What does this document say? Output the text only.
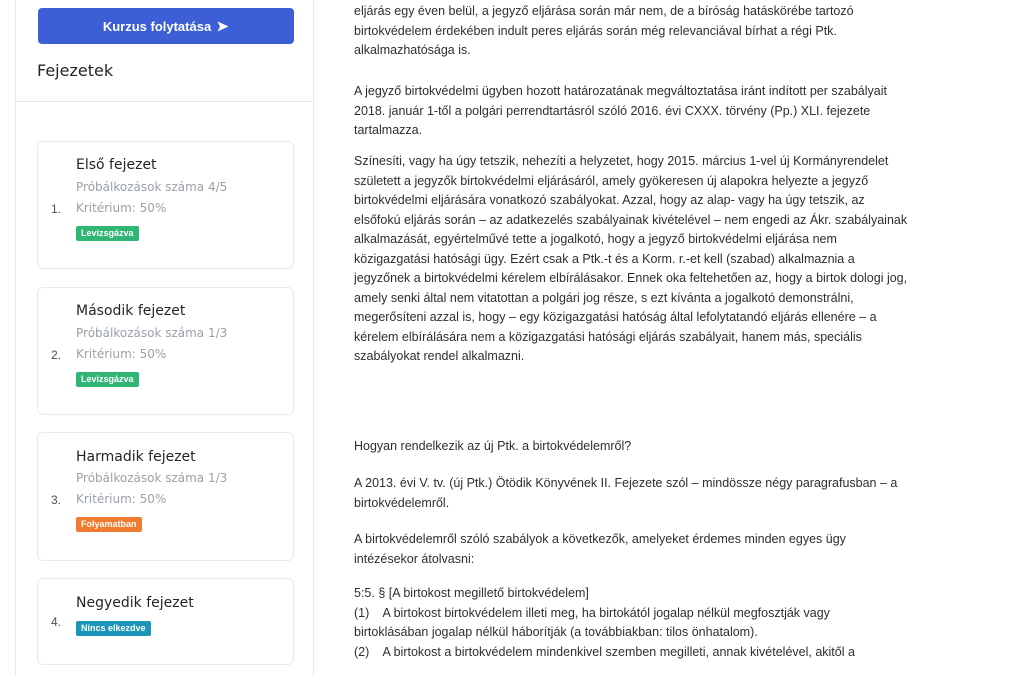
Kurzus folytatása
Fejezetek
Első fejezet
Próbálkozások száma 4/5
1. Kritérium: 50%
Levizsgázva
Második fejezet
Próbálkozások száma 1/3
2. Kritérium: 50%
Levizsgázva
Harmadik fejezet
Próbálkozások száma 1/3
3. Kritérium: 50%
Folyamatban
Negyedik fejezet
4.	Nincs elkezdve

eljárás egy éven belül, a jegyző eljárása során már nem, de a bíróság hatáskörébe tartozó
birtokvédelem érdekében indult peres eljárás során még relevanciával bírhat a régi Ptk.
alkalmazhatósága is.

A jegyző birtokvédelmi ügyben hozott határozatának megváltoztatása iránt indított per szabályait
2018. január 1-től a polgári perrendtartásról szóló 2016. évi CXXX. törvény (Pp.) XLI. fejezete
tartalmazza.

Színesíti, vagy ha úgy tetszik, nehezíti a helyzetet, hogy 2015. március 1-vel új Kormányrendelet
született a jegyzők birtokvédelmi eljárásáról, amely gyökeresen új alapokra helyezte a jegyző
birtokvédelmi eljárására vonatkozó szabályokat. Azzal, hogy az alap- vagy ha úgy tetszik, az
elsőfokú eljárás során – az adatkezelés szabályainak kivételével – nem engedi az Ákr. szabályainak
alkalmazását, egyértelművé tette a jogalkotó, hogy a jegyző birtokvédelmi eljárása nem
közigazgatási hatósági ügy. Ezért csak a Ptk.-t és a Korm. r.-et kell (szabad) alkalmaznia a
jegyzőnek a birtokvédelmi kérelem elbírálásakor. Ennek oka feltehetően az, hogy a birtok dologi jog,
amely senki által nem vitatottan a polgári jog része, s ezt kívánta a jogalkotó demonstrálni,
megerősíteni azzal is, hogy – egy közigazgatási hatóság által lefolytatandó eljárás ellenére – a
kérelem elbírálására nem a közigazgatási hatósági eljárás szabályait, hanem más, speciális
szabályokat rendel alkalmazni.

Hogyan rendelkezik az új Ptk. a birtokvédelemről?

A 2013. évi V. tv. (új Ptk.) Ötödik Könyvének II. Fejezete szól – mindössze négy paragrafusban – a
birtokvédelemről.

A birtokvédelemről szóló szabályok a következők, amelyeket érdemes minden egyes ügy
intézésekor átolvasni:

5:5. § [A birtokost megillető birtokvédelem]
(1)    A birtokost birtokvédelem illeti meg, ha birtokától jogalap nélkül megfosztják vagy
birtoklásában jogalap nélkül háborítják (a továbbiakban: tilos önhatalom).
(2)    A birtokost a birtokvédelem mindenkivel szemben megilleti, annak kivételével, akitől a
